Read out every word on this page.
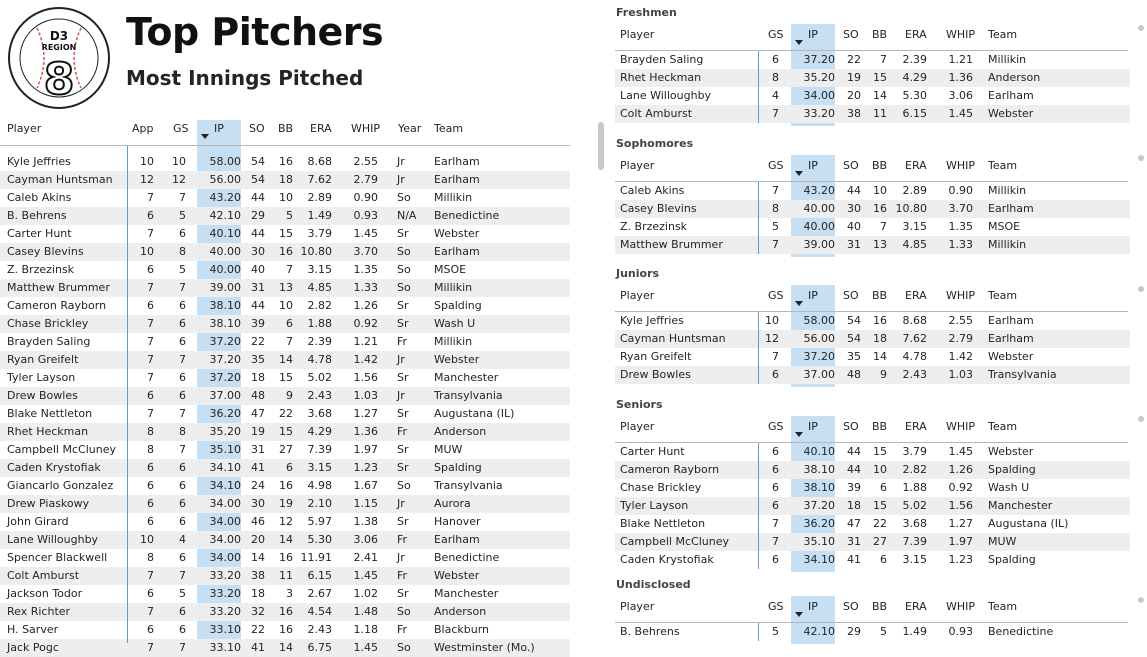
D3
REGION
8
Top Pitchers
Most Innings Pitched
Player	App GS	IP	SO BB ERA WHIP Year Team
Kyle Jeffries	10	10	58.00 54	16	8.68	2.55 Jr	Earlham
Cayman Huntsman	12	12	56.00 54	18	7.62	2.79 Jr	Earlham
Caleb Akins	7	7	43.20 44	10	2.89	0.90 So	Millikin
B. Behrens	6	5	42.10 29	5	1.49	0.93 N/A	Benedictine
Carter Hunt	7	6	40.10 44	15	3.79	1.45 Sr	Webster
Casey Blevins	10	8	40.00 30	16 10.80	3.70 So	Earlham
Z. Brzezinsk	6	5	40.00 40	7	3.15	1.35 So	MSOE
Matthew Brummer	7	7	39.00 31	13	4.85	1.33 So	Millikin
Cameron Rayborn	6	6	38.10 44	10	2.82	1.26 Sr	Spalding
Chase Brickley	7	6	38.10 39	6	1.88	0.92 Sr	Wash U
Brayden Saling	7	6	37.20 22	7	2.39	1.21 Fr	Millikin
Ryan Greifelt	7	7	37.20 35	14	4.78	1.42 Jr	Webster
Tyler Layson	7	6	37.20 18	15	5.02	1.56 Sr	Manchester
Drew Bowles	6	6	37.00 48	9	2.43	1.03 Jr	Transylvania
Blake Nettleton	7	7	36.20 47	22	3.68	1.27 Sr	Augustana (IL)
Rhet Heckman	8	8	35.20 19	15	4.29	1.36 Fr	Anderson
Campbell McCluney	8	7	35.10 31	27	7.39	1.97 Sr	MUW
Caden Krystofiak	6	6	34.10 41	6	3.15	1.23 Sr	Spalding
Giancarlo Gonzalez	6	6	34.10 24	16	4.98	1.67 So	Transylvania
Drew Piaskowy	6	6	34.00 30	19	2.10	1.15 Jr	Aurora
John Girard	6	6	34.00 46	12	5.97	1.38 Sr	Hanover
Lane Willoughby	10	4	34.00 20	14	5.30	3.06 Fr	Earlham
Spencer Blackwell	8	6	34.00 14	16 11.91	2.41 Jr	Benedictine
Colt Amburst	7	7	33.20 38	11	6.15	1.45 Fr	Webster
Jackson Todor	6	5	33.20 18	3	2.67	1.02 Sr	Manchester
Rex Richter	7	6	33.20 32	16	4.54	1.48 So	Anderson
H. Sarver	6	6	33.10 22	16	2.43	1.18 Fr	Blackburn
Jack Pogc	7	7	33.10 41	14	6.75	1.45 So	Westminster (Mo.)
Freshmen
Player	GS	IP	SO BB ERA WHIP Team
Brayden Saling	6	37.20	22	7	2.39	1.21 Millikin
Rhet Heckman	8	35.20	19 15	4.29	1.36 Anderson
Lane Willoughby	4	34.00	20 14	5.30	3.06 Earlham
Colt Amburst	7	33.20	38 11	6.15	1.45 Webster
Sophomores
Player	GS	IP	SO BB ERA WHIP Team
Caleb Akins	7	43.20	44 10	2.89	0.90 Millikin
Casey Blevins	8	40.00	30 16 10.80	3.70 Earlham
Z. Brzezinsk	5	40.00	40	7	3.15	1.35 MSOE
Matthew Brummer	7	39.00	31 13	4.85	1.33 Millikin
Juniors
Player	GS	IP	SO BB ERA WHIP Team
Kyle Jeffries	10	58.00	54 16	8.68	2.55 Earlham
Cayman Huntsman	12	56.00	54 18	7.62	2.79 Earlham
Ryan Greifelt	7	37.20	35 14	4.78	1.42 Webster
Drew Bowles	6	37.00	48	9	2.43	1.03 Transylvania
Seniors
Player	GS	IP	SO BB ERA WHIP Team
Carter Hunt	6	40.10	44 15	3.79	1.45 Webster
Cameron Rayborn	6	38.10	44 10	2.82	1.26 Spalding
Chase Brickley	6	38.10	39	6	1.88	0.92 Wash U
Tyler Layson	6	37.20	18 15	5.02	1.56 Manchester
Blake Nettleton	7	36.20	47 22	3.68	1.27 Augustana (IL)
Campbell McCluney	7	35.10	31 27	7.39	1.97 MUW
Caden Krystofiak	6	34.10	41	6	3.15	1.23 Spalding
Undisclosed
Player	GS	IP	SO BB ERA WHIP Team
B. Behrens	5	42.10	29	5	1.49	0.93 Benedictine
